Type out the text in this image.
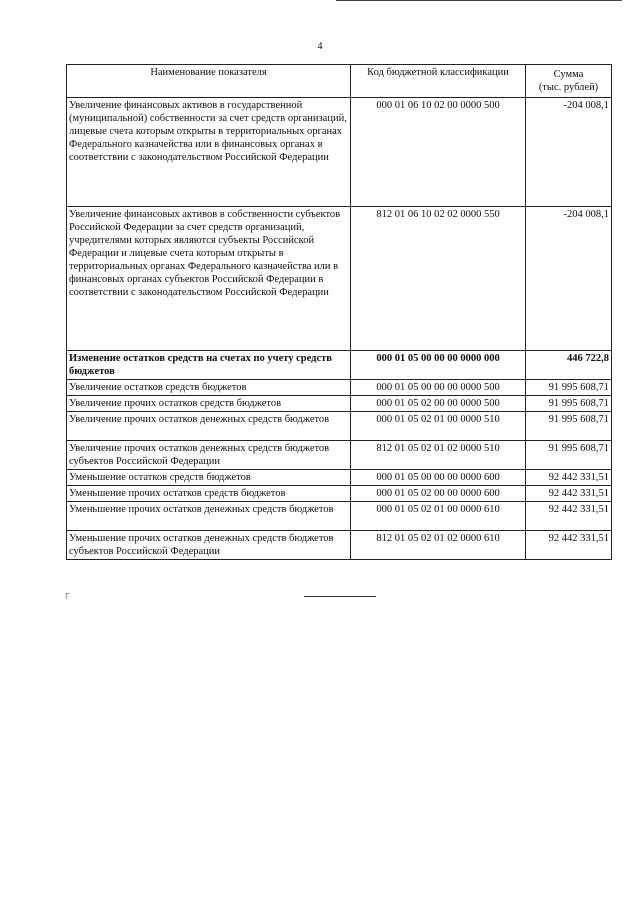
4
Наименование показателя	Код бюджетной классификации	Сумма
(тыс. рублей)

Увеличение финансовых активов в государственной (муниципальной) собственности за счет средств организаций, лицевые счета которым открыты в территориальных органах Федерального казначейства или в финансовых органах в соответствии с законодательством Российской Федерации	000 01 06 10 02 00 0000 500	-204 008,1
Увеличение финансовых активов в собственности субъектов Российской Федерации за счет средств организаций, учредителями которых являются субъекты Российской Федерации и лицевые счета которым открыты в территориальных органах Федерального казначейства или в финансовых органах субъектов Российской Федерации в соответствии с законодательством Российской Федерации	812 01 06 10 02 02 0000 550	-204 008,1
Изменение остатков средств на счетах по учету средств бюджетов	000 01 05 00 00 00 0000 000	446 722,8
Увеличение остатков средств бюджетов	000 01 05 00 00 00 0000 500	91 995 608,71
Увеличение прочих остатков средств бюджетов	000 01 05 02 00 00 0000 500	91 995 608,71
Увеличение прочих остатков денежных средств бюджетов	000 01 05 02 01 00 0000 510	91 995 608,71
Увеличение прочих остатков денежных средств бюджетов субъектов Российской Федерации	812 01 05 02 01 02 0000 510	91 995 608,71
Уменьшение остатков средств бюджетов	000 01 05 00 00 00 0000 600	92 442 331,51
Уменьшение прочих остатков средств бюджетов	000 01 05 02 00 00 0000 600	92 442 331,51
Уменьшение прочих остатков денежных средств бюджетов	000 01 05 02 01 00 0000 610	92 442 331,51
Уменьшение прочих остатков денежных средств бюджетов субъектов Российской Федерации	812 01 05 02 01 02 0000 610	92 442 331,51
┌
